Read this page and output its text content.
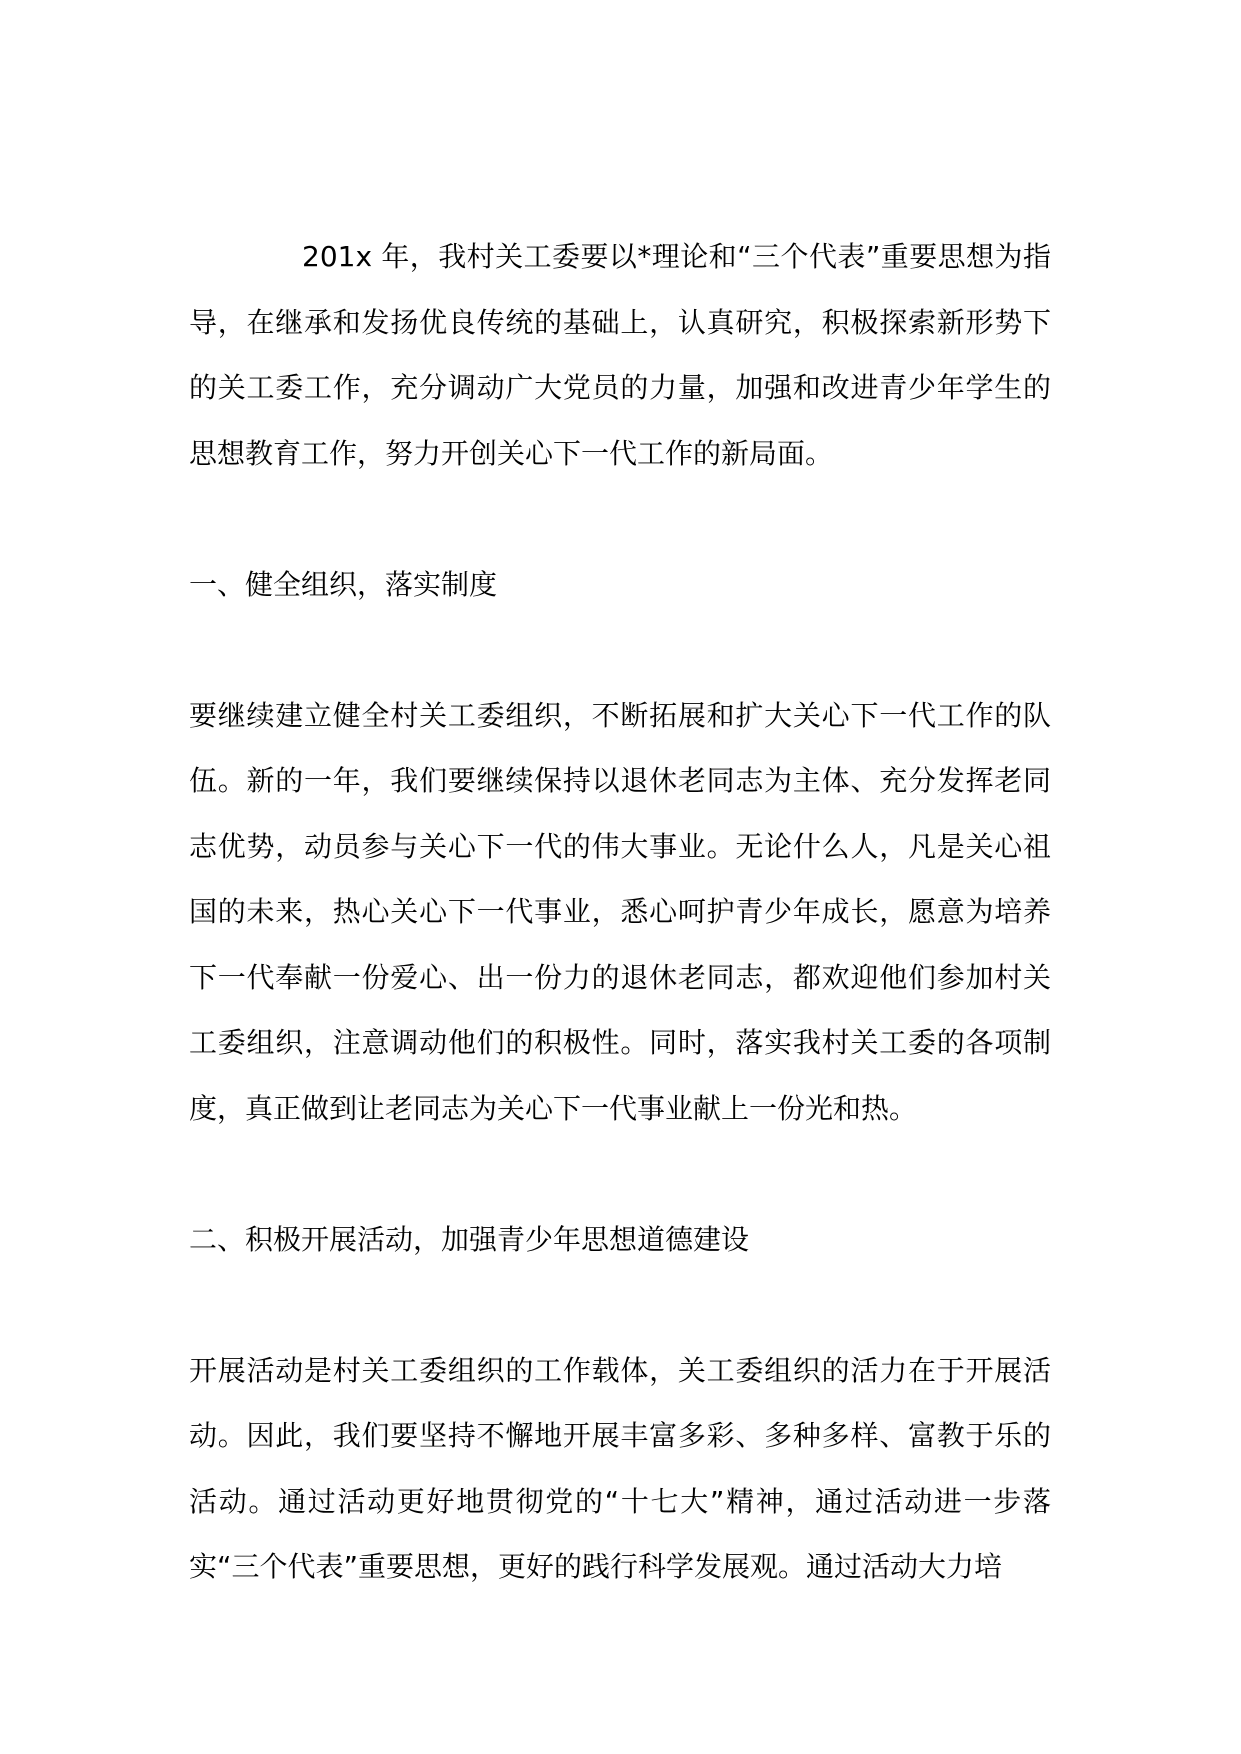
201x 年，我村关工委要以*理论和“三个代表”重要思想为指导，在继承和发扬优良传统的基础上，认真研究，积极探索新形势下的关工委工作，充分调动广大党员的力量，加强和改进青少年学生的思想教育工作，努力开创关心下一代工作的新局面。

一、健全组织，落实制度

要继续建立健全村关工委组织，不断拓展和扩大关心下一代工作的队伍。新的一年，我们要继续保持以退休老同志为主体、充分发挥老同志优势，动员参与关心下一代的伟大事业。无论什么人，凡是关心祖国的未来，热心关心下一代事业，悉心呵护青少年成长，愿意为培养下一代奉献一份爱心、出一份力的退休老同志，都欢迎他们参加村关工委组织，注意调动他们的积极性。同时，落实我村关工委的各项制度，真正做到让老同志为关心下一代事业献上一份光和热。

二、积极开展活动，加强青少年思想道德建设

开展活动是村关工委组织的工作载体，关工委组织的活力在于开展活动。因此，我们要坚持不懈地开展丰富多彩、多种多样、富教于乐的活动。通过活动更好地贯彻党的“十七大”精神，通过活动进一步落实“三个代表”重要思想，更好的践行科学发展观。通过活动大力培
